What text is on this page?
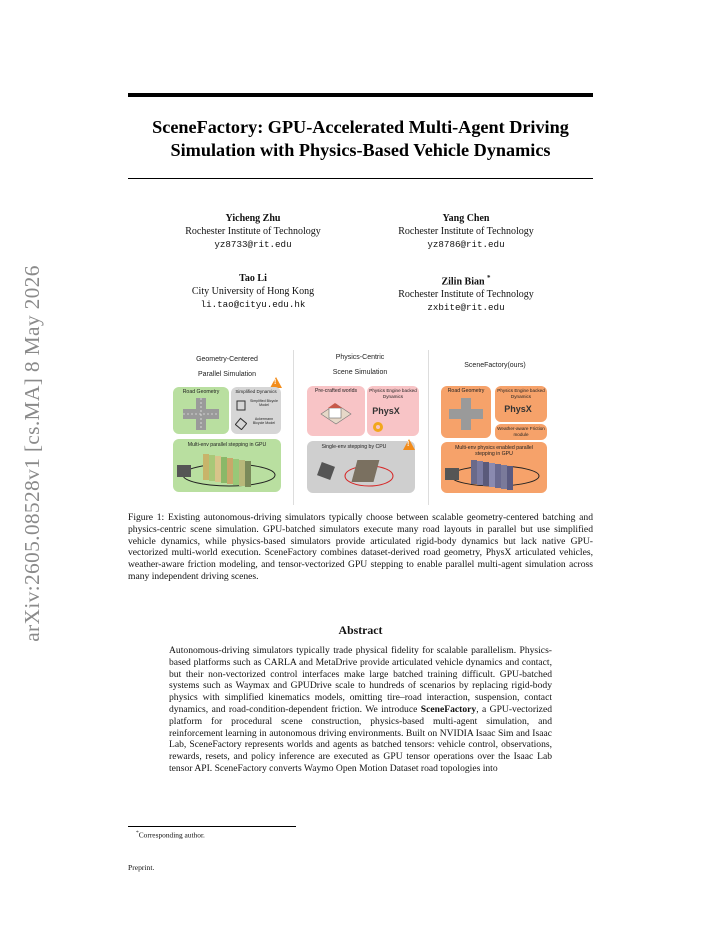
arXiv:2605.08528v1 [cs.MA] 8 May 2026
SceneFactory: GPU-Accelerated Multi-Agent Driving Simulation with Physics-Based Vehicle Dynamics
Yicheng Zhu
Rochester Institute of Technology
yz8733@rit.edu
Yang Chen
Rochester Institute of Technology
yz8786@rit.edu
Tao Li
City University of Hong Kong
li.tao@cityu.edu.hk
Zilin Bian *
Rochester Institute of Technology
zxbite@rit.edu
Geometry-Centered
Parallel Simulation
!
Road Geometry	Simplified Dynamics
Simplified Bicycle Model
Ackermann Bicycle Model
Multi-env parallel stepping in GPU
Physics-Centric
Scene Simulation
Pre-crafted worlds	Physics Engine backed Dynamics
PhysX
Single-env stepping by CPU
!
SceneFactory(ours)
Road Geometry	Physics Engine backed Dynamics
PhysX
Weather-aware Friction module
Multi-env physics enabled parallel stepping in GPU
Figure 1: Existing autonomous-driving simulators typically choose between scalable geometry-centered batching and physics-centric scene simulation. GPU-batched simulators execute many road layouts in parallel but use simplified vehicle dynamics, while physics-based simulators provide articulated rigid-body dynamics but lack native GPU-vectorized multi-world execution. SceneFactory combines dataset-derived road geometry, PhysX articulated vehicles, weather-aware friction modeling, and tensor-vectorized GPU stepping to enable parallel multi-agent simulation across many independent driving scenes.
Abstract
Autonomous-driving simulators typically trade physical fidelity for scalable parallelism. Physics-based platforms such as CARLA and MetaDrive provide articulated vehicle dynamics and contact, but their non-vectorized control interfaces make large batched training difficult. GPU-batched systems such as Waymax and GPUDrive scale to hundreds of scenarios by replacing rigid-body physics with simplified kinematics models, omitting tire–road interaction, suspension, contact dynamics, and road-condition-dependent friction. We introduce SceneFactory, a GPU-vectorized platform for procedural scene construction, physics-based multi-agent simulation, and reinforcement learning in autonomous driving environments. Built on NVIDIA Isaac Sim and Isaac Lab, SceneFactory represents worlds and agents as batched tensors: vehicle control, observations, rewards, resets, and policy inference are executed as GPU tensor operations over the Isaac Lab tensor API. SceneFactory converts Waymo Open Motion Dataset road topologies into
*Corresponding author.
Preprint.
